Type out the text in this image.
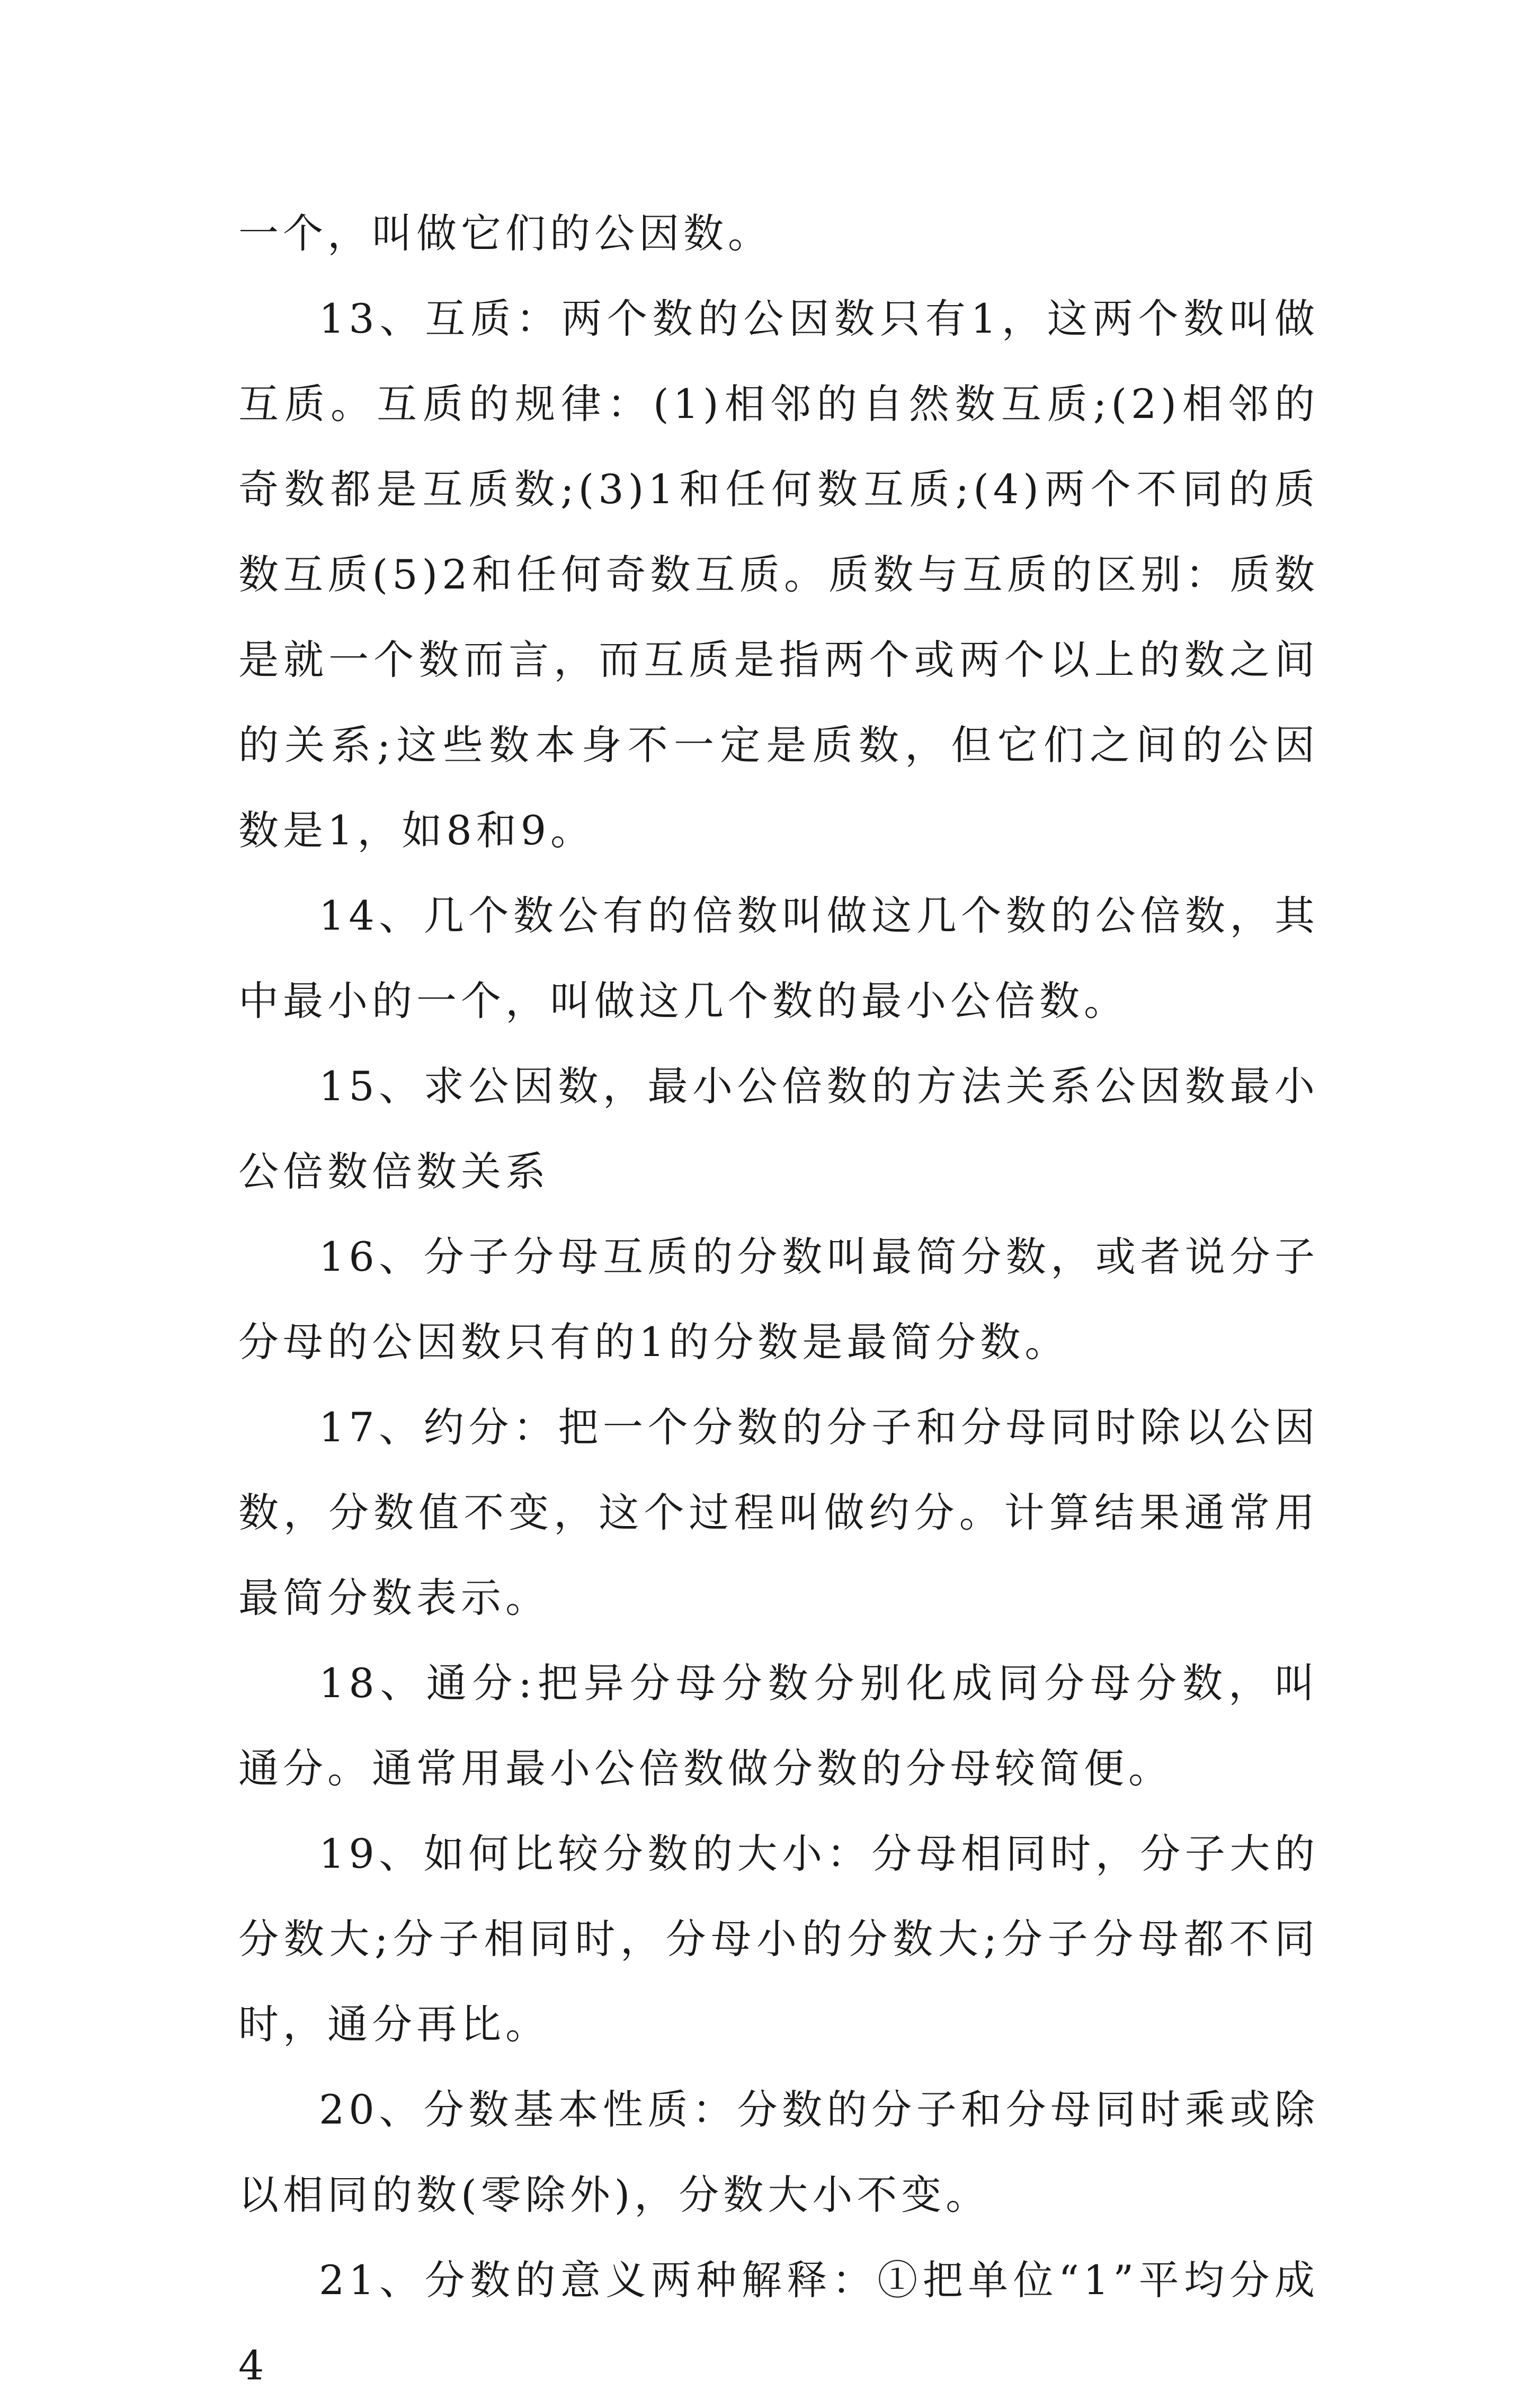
一个，叫做它们的公因数。

13、互质：两个数的公因数只有1，这两个数叫做互质。互质的规律：(1)相邻的自然数互质;(2)相邻的奇数都是互质数;(3)1和任何数互质;(4)两个不同的质数互质(5)2和任何奇数互质。质数与互质的区别：质数是就一个数而言，而互质是指两个或两个以上的数之间的关系;这些数本身不一定是质数，但它们之间的公因数是1，如8和9。

14、几个数公有的倍数叫做这几个数的公倍数，其中最小的一个，叫做这几个数的最小公倍数。

15、求公因数，最小公倍数的方法关系公因数最小公倍数倍数关系

16、分子分母互质的分数叫最简分数，或者说分子分母的公因数只有的1的分数是最简分数。

17、约分：把一个分数的分子和分母同时除以公因数，分数值不变，这个过程叫做约分。计算结果通常用最简分数表示。

18、通分:把异分母分数分别化成同分母分数，叫通分。通常用最小公倍数做分数的分母较简便。

19、如何比较分数的大小：分母相同时，分子大的分数大;分子相同时，分母小的分数大;分子分母都不同时，通分再比。

20、分数基本性质：分数的分子和分母同时乘或除以相同的数(零除外)，分数大小不变。

21、分数的意义两种解释：①把单位“1”平均分成4
